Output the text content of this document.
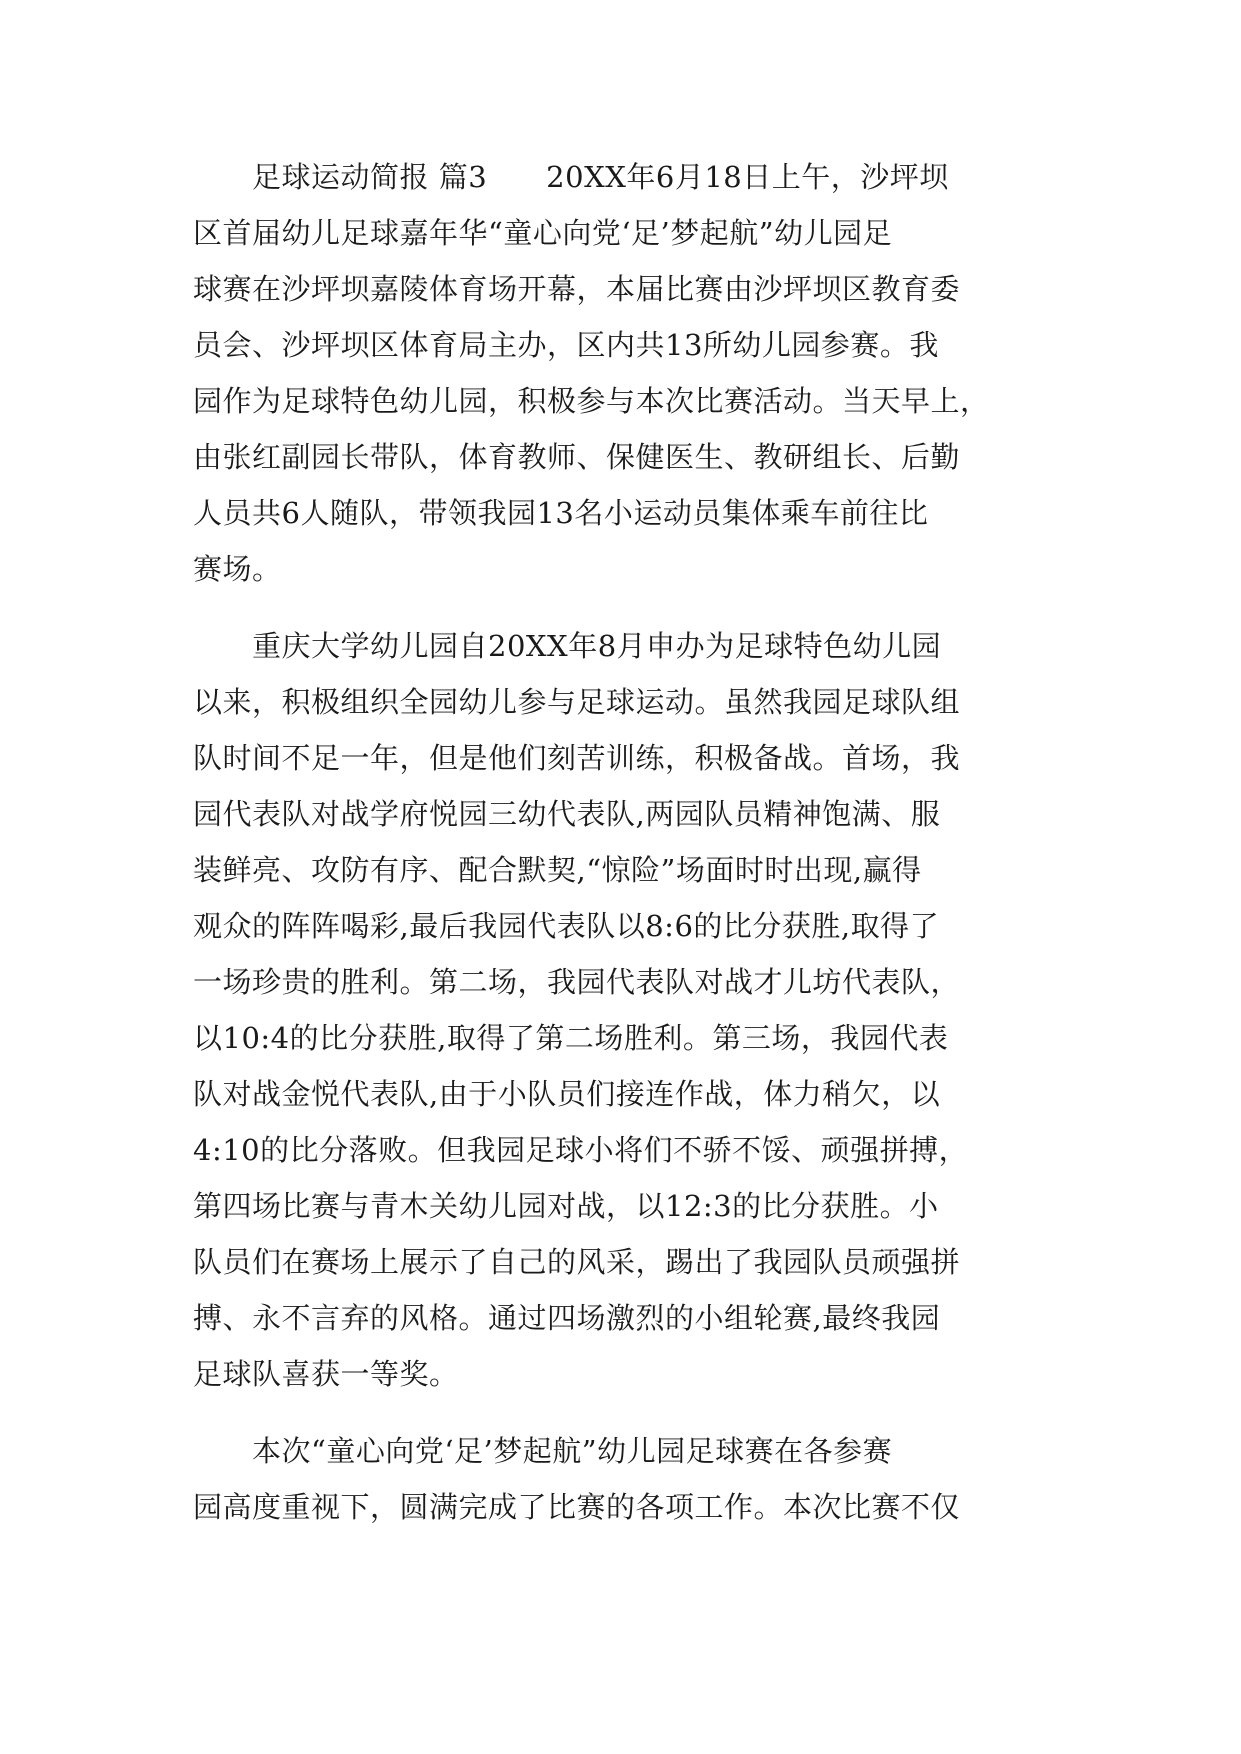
　　足球运动简报 篇3　　20XX年6月18日上午，沙坪坝
区首届幼儿足球嘉年华“童心向党‘足’梦起航”幼儿园足
球赛在沙坪坝嘉陵体育场开幕，本届比赛由沙坪坝区教育委
员会、沙坪坝区体育局主办，区内共13所幼儿园参赛。我
园作为足球特色幼儿园，积极参与本次比赛活动。当天早上，
由张红副园长带队，体育教师、保健医生、教研组长、后勤
人员共6人随队，带领我园13名小运动员集体乘车前往比
赛场。
　　重庆大学幼儿园自20XX年8月申办为足球特色幼儿园
以来，积极组织全园幼儿参与足球运动。虽然我园足球队组
队时间不足一年，但是他们刻苦训练，积极备战。首场，我
园代表队对战学府悦园三幼代表队,两园队员精神饱满、服
装鲜亮、攻防有序、配合默契,“惊险”场面时时出现,赢得
观众的阵阵喝彩,最后我园代表队以8:6的比分获胜,取得了
一场珍贵的胜利。第二场，我园代表队对战才儿坊代表队，
以10:4的比分获胜,取得了第二场胜利。第三场，我园代表
队对战金悦代表队,由于小队员们接连作战，体力稍欠，以
4:10的比分落败。但我园足球小将们不骄不馁、顽强拼搏，
第四场比赛与青木关幼儿园对战，以12:3的比分获胜。小
队员们在赛场上展示了自己的风采，踢出了我园队员顽强拼
搏、永不言弃的风格。通过四场激烈的小组轮赛,最终我园
足球队喜获一等奖。
　　本次“童心向党‘足’梦起航”幼儿园足球赛在各参赛
园高度重视下，圆满完成了比赛的各项工作。本次比赛不仅
